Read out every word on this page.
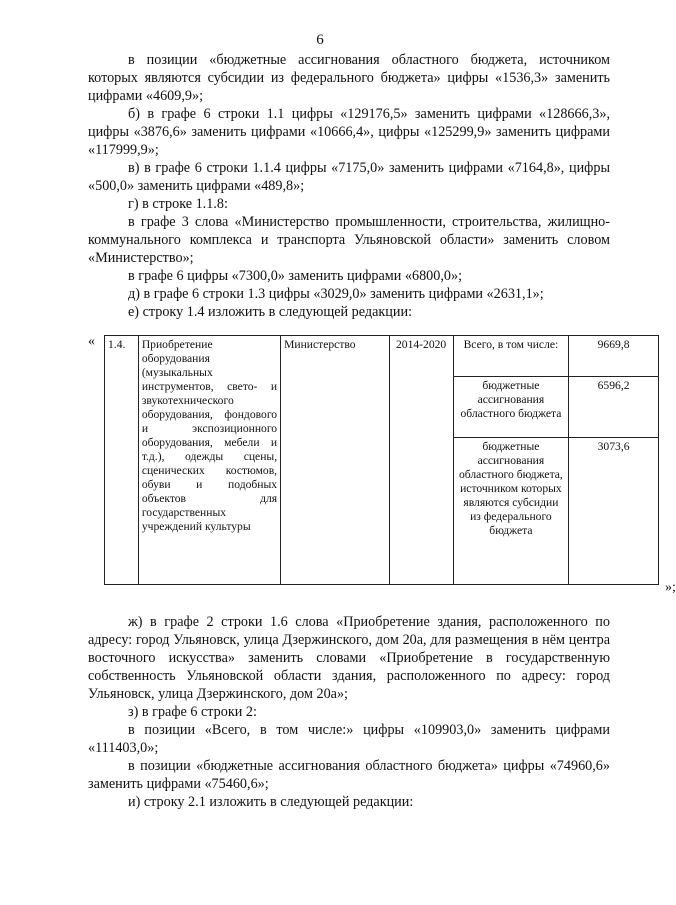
6

в позиции «бюджетные ассигнования областного бюджета, источником которых являются субсидии из федерального бюджета» цифры «1536,3» заменить цифрами «4609,9»;

б) в графе 6 строки 1.1 цифры «129176,5» заменить цифрами «128666,3», цифры «3876,6» заменить цифрами «10666,4», цифры «125299,9» заменить цифрами «117999,9»;

в) в графе 6 строки 1.1.4 цифры «7175,0» заменить цифрами «7164,8», цифры «500,0» заменить цифрами «489,8»;

г) в строке 1.1.8:

в графе 3 слова «Министерство промышленности, строительства, жилищно-коммунального комплекса и транспорта Ульяновской области» заменить словом «Министерство»;

в графе 6 цифры «7300,0» заменить цифрами «6800,0»;

д) в графе 6 строки 1.3 цифры «3029,0» заменить цифрами «2631,1»;

е) строку 1.4 изложить в следующей редакции:

« 1.4.	Приобретение оборудования (музыкальных инструментов, свето- и звукотехнического оборудования, фондового и экспозиционного оборудования, мебели и т.д.), одежды сцены, сценических костюмов, обуви и подобных объектов для государственных учреждений культуры	Министерство	2014-2020	Всего, в том числе:	9669,8
				бюджетные ассигнования областного бюджета	6596,2
				бюджетные ассигнования областного бюджета, источником которых являются субсидии из федерального бюджета	3073,6
»;

ж) в графе 2 строки 1.6 слова «Приобретение здания, расположенного по адресу: город Ульяновск, улица Дзержинского, дом 20а, для размещения в нём центра восточного искусства» заменить словами «Приобретение в государственную собственность Ульяновской области здания, расположенного по адресу: город Ульяновск, улица Дзержинского, дом 20а»;

з) в графе 6 строки 2:

в позиции «Всего, в том числе:» цифры «109903,0» заменить цифрами «111403,0»;

в позиции «бюджетные ассигнования областного бюджета» цифры «74960,6» заменить цифрами «75460,6»;

и) строку 2.1 изложить в следующей редакции:
